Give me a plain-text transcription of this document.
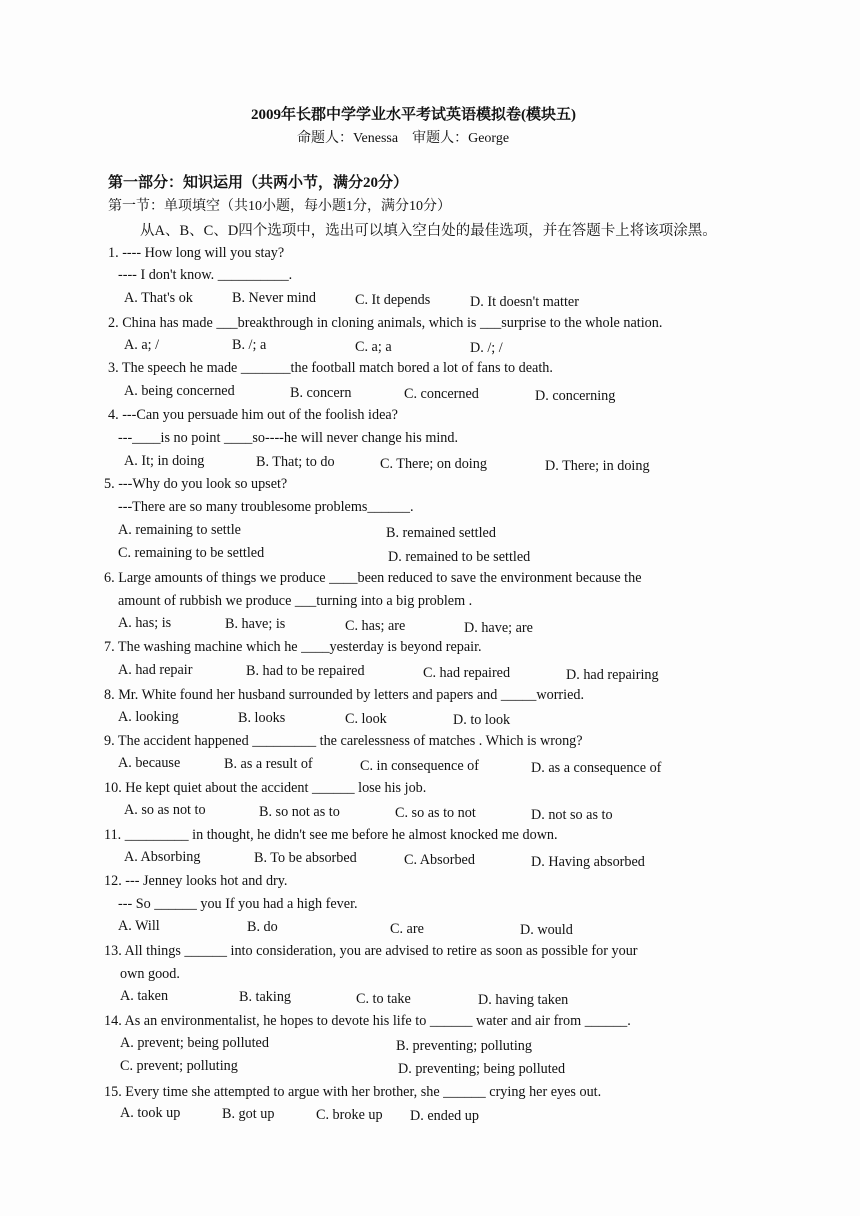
2009年长郡中学学业水平考试英语模拟卷(模块五)
命题人：Venessa    审题人：George
第一部分：知识运用（共两小节，满分20分）
第一节：单项填空（共10小题，每小题1分，满分10分）
从A、B、C、D四个选项中，选出可以填入空白处的最佳选项，并在答题卡上将该项涂黑。
1. ---- How long will you stay?
---- I don't know. __________.
A. That's ok	B. Never mind	C. It depends	D. It doesn't matter
2. China has made ___breakthrough in cloning animals, which is ___surprise to the whole nation.
A. a; /	B. /; a	C. a; a	D. /; /
3. The speech he made _______the football match bored a lot of fans to death.
A. being concerned	B. concern	C. concerned	D. concerning
4. ---Can you persuade him out of the foolish idea?
---____is no point ____so----he will never change his mind.
A. It; in doing	B. That; to do	C. There; on doing	D. There; in doing
5. ---Why do you look so upset?
---There are so many troublesome problems______.
A. remaining to settle	B. remained settled
C. remaining to be settled	D. remained to be settled
6. Large amounts of things we produce ____been reduced to save the environment because the
amount of rubbish we produce ___turning into a big problem .
A. has; is	B. have; is	C. has; are	D. have; are
7. The washing machine which he ____yesterday is beyond repair.
A. had repair	B. had to be repaired	C. had repaired	D. had repairing
8. Mr. White found her husband surrounded by letters and papers and _____worried.
A. looking	B. looks	C. look	D. to look
9. The accident happened _________ the carelessness of matches . Which is wrong?
A. because	B. as a result of	C. in consequence of	D. as a consequence of
10. He kept quiet about the accident ______ lose his job.
A. so as not to	B. so not as to	C. so as to not	D. not so as to
11. _________ in thought, he didn't see me before he almost knocked me down.
A. Absorbing	B. To be absorbed	C. Absorbed	D. Having absorbed
12. --- Jenney looks hot and dry.
--- So ______ you If you had a high fever.
A. Will	B. do	C. are	D. would
13. All things ______ into consideration, you are advised to retire as soon as possible for your
own good.
A. taken	B. taking	C. to take	D. having taken
14. As an environmentalist, he hopes to devote his life to ______ water and air from ______.
A. prevent; being polluted	B. preventing; polluting
C. prevent; polluting	D. preventing; being polluted
15. Every time she attempted to argue with her brother, she ______ crying her eyes out.
A. took up	B. got up	C. broke up D. ended up
